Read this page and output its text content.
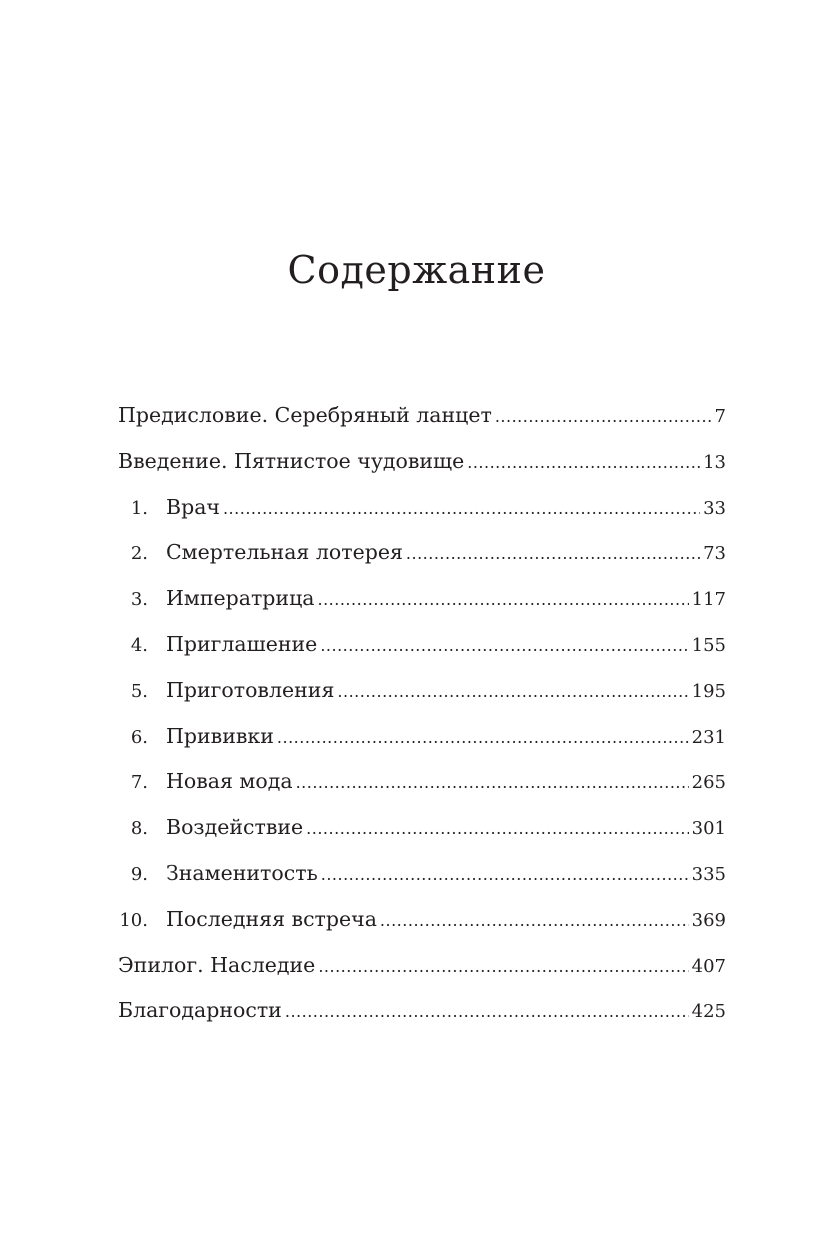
Содержание
Предисловие. Серебряный ланцет .....	7
Введение. Пятнистое чудовище .....	13
1. Врач .....	33
2. Смертельная лотерея .....	73
3. Императрица .....	117
4. Приглашение .....	155
5. Приготовления .....	195
6. Прививки .....	231
7. Новая мода .....	265
8. Воздействие .....	301
9. Знаменитость .....	335
10. Последняя встреча .....	369
Эпилог. Наследие .....	407
Благодарности .....	425
